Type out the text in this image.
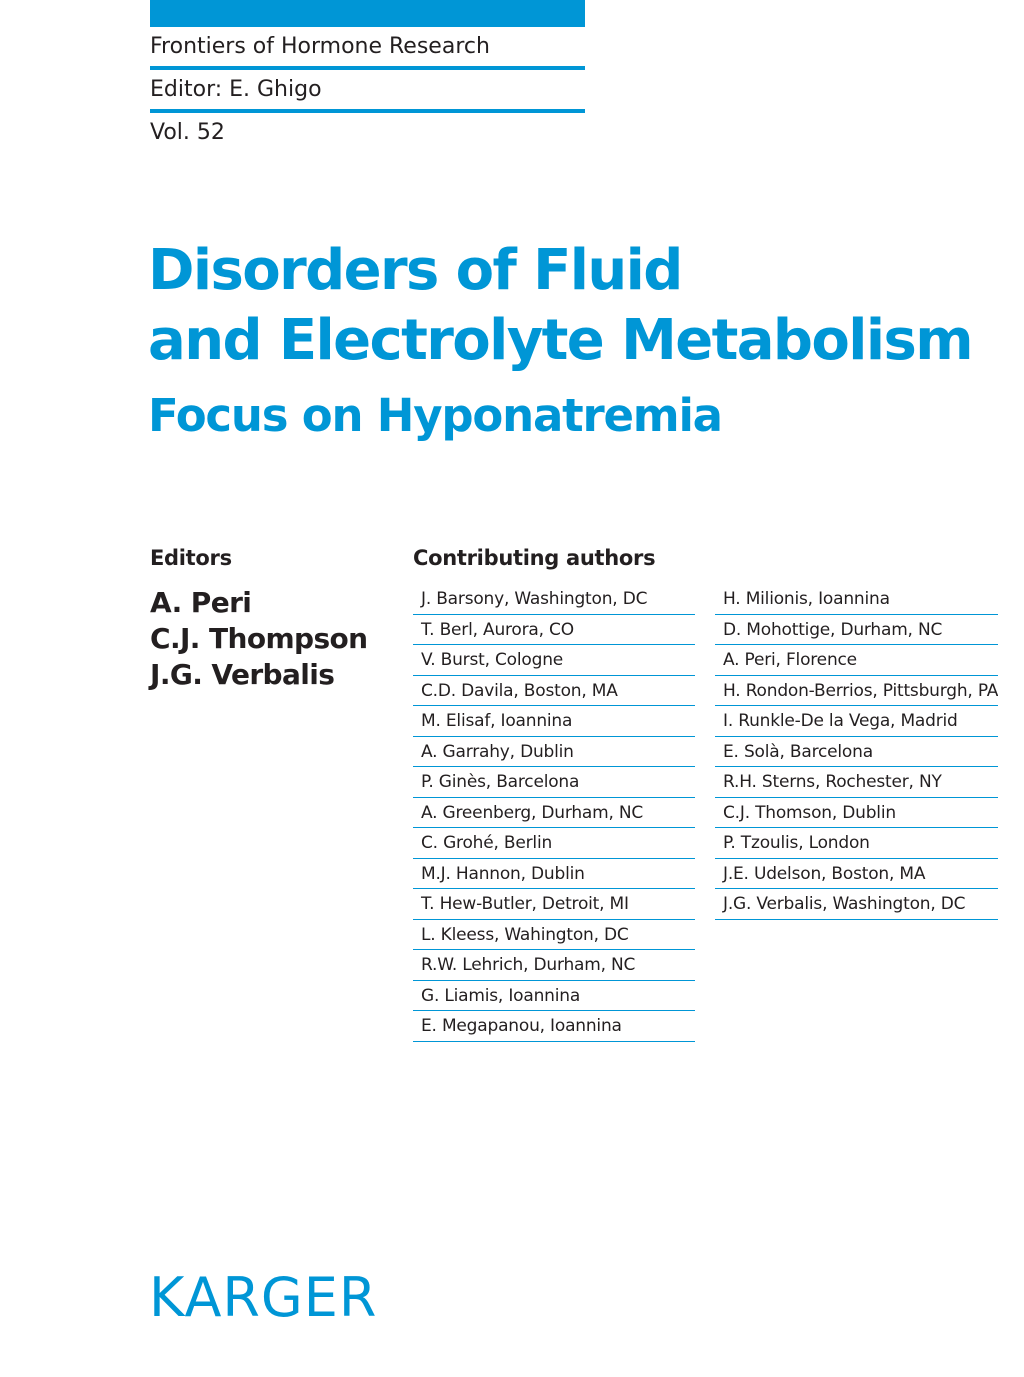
Frontiers of Hormone Research
Editor: E. Ghigo
Vol. 52
Disorders of Fluid
and Electrolyte Metabolism
Focus on Hyponatremia
Editors
A. Peri
C.J. Thompson
J.G. Verbalis
Contributing authors
J. Barsony, Washington, DC
T. Berl, Aurora, CO
V. Burst, Cologne
C.D. Davila, Boston, MA
M. Elisaf, Ioannina
A. Garrahy, Dublin
P. Ginès, Barcelona
A. Greenberg, Durham, NC
C. Grohé, Berlin
M.J. Hannon, Dublin
T. Hew-Butler, Detroit, MI
L. Kleess, Wahington, DC
R.W. Lehrich, Durham, NC
G. Liamis, Ioannina
E. Megapanou, Ioannina
H. Milionis, Ioannina
D. Mohottige, Durham, NC
A. Peri, Florence
H. Rondon-Berrios, Pittsburgh, PA
I. Runkle-De la Vega, Madrid
E. Solà, Barcelona
R.H. Sterns, Rochester, NY
C.J. Thomson, Dublin
P. Tzoulis, London
J.E. Udelson, Boston, MA
J.G. Verbalis, Washington, DC
KARGER
